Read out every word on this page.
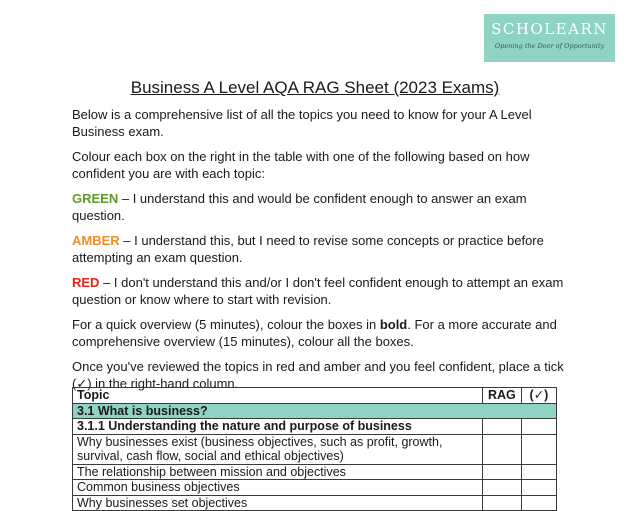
SCHOLEARN
Opening the Door of Opportunity
Business A Level AQA RAG Sheet (2023 Exams)

Below is a comprehensive list of all the topics you need to know for your A Level Business exam.

Colour each box on the right in the table with one of the following based on how confident you are with each topic:

GREEN – I understand this and would be confident enough to answer an exam question.

AMBER – I understand this, but I need to revise some concepts or practice before attempting an exam question.

RED – I don't understand this and/or I don't feel confident enough to attempt an exam question or know where to start with revision.

For a quick overview (5 minutes), colour the boxes in bold. For a more accurate and comprehensive overview (15 minutes), colour all the boxes.

Once you've reviewed the topics in red and amber and you feel confident, place a tick (✓) in the right-hand column.

Topic	RAG	(✓)
3.1 What is business?		
3.1.1 Understanding the nature and purpose of business		
Why businesses exist (business objectives, such as profit, growth, survival, cash flow, social and ethical objectives)		
The relationship between mission and objectives		
Common business objectives		
Why businesses set objectives		
